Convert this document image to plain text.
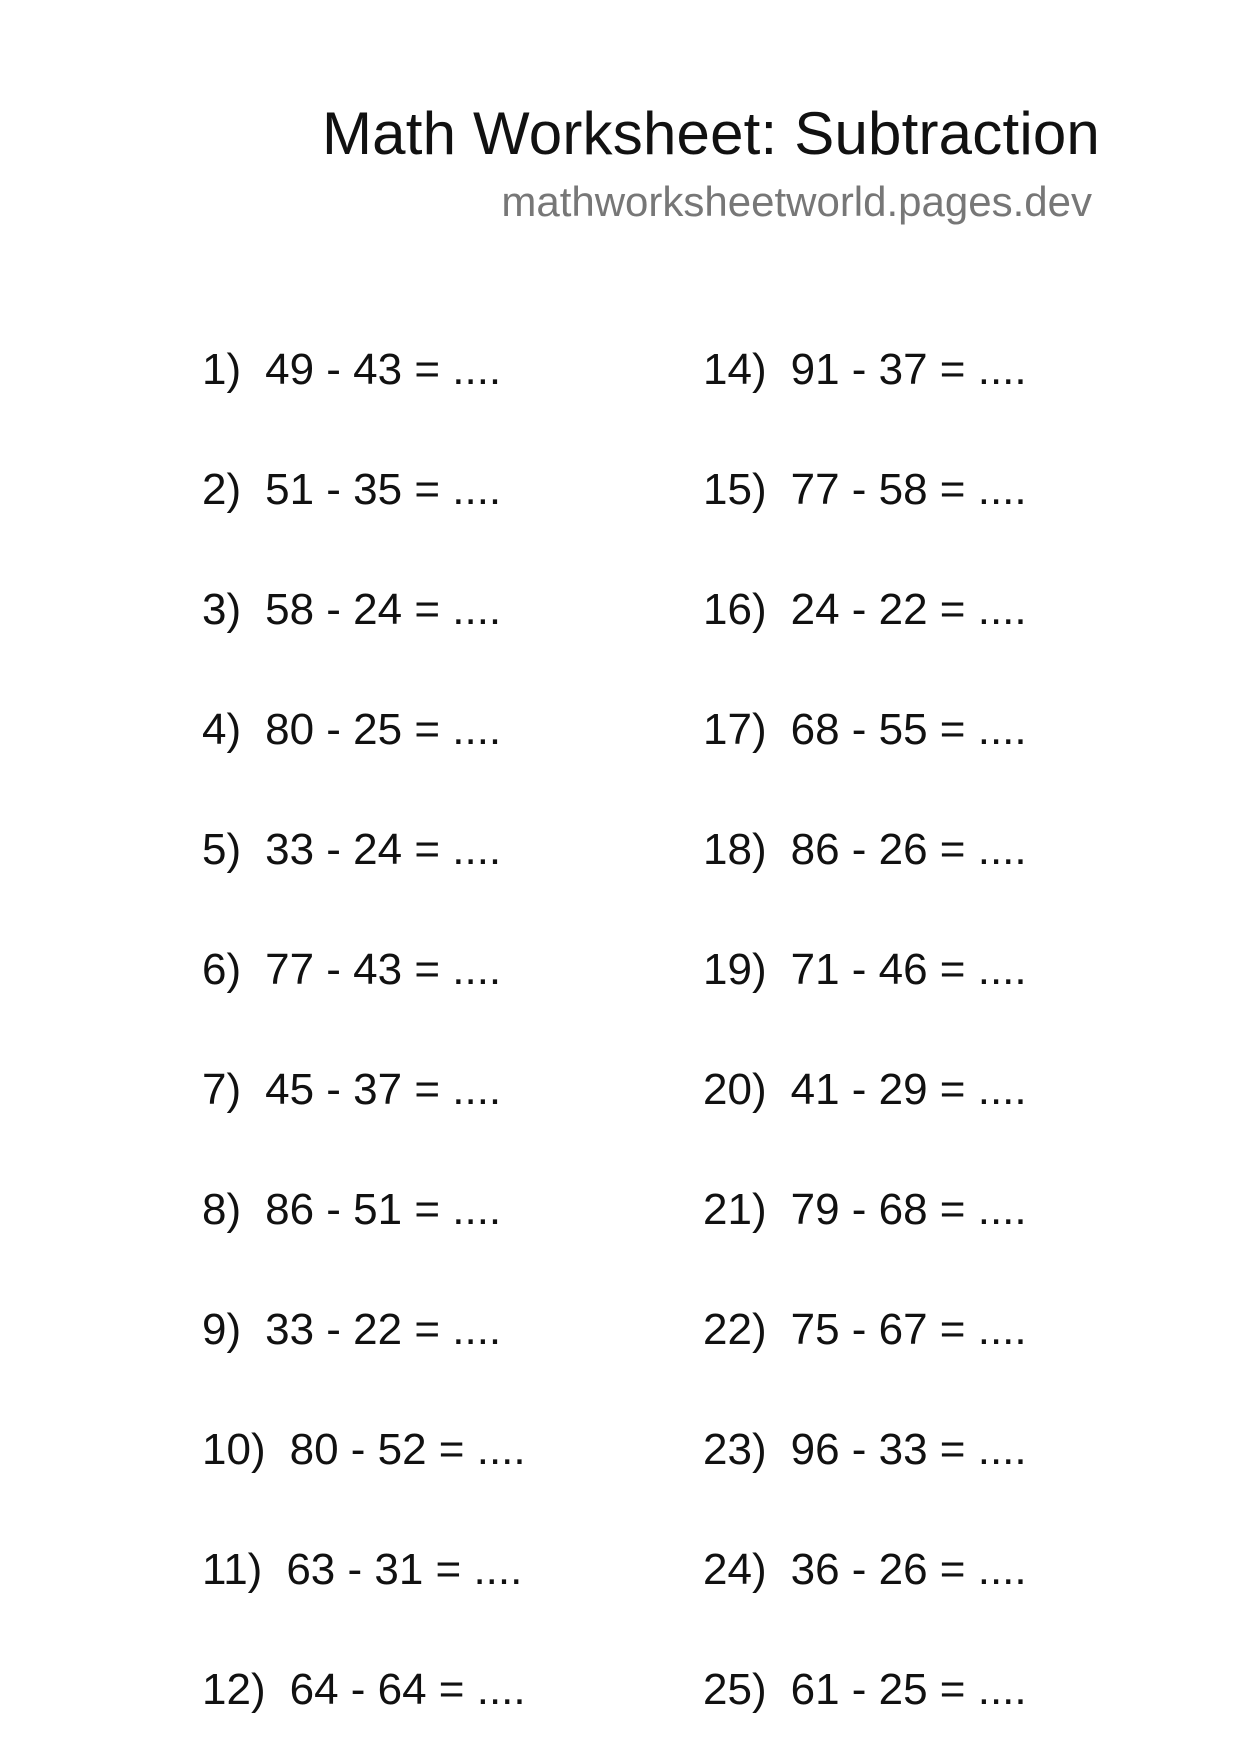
Math Worksheet: Subtraction
mathworksheetworld.pages.dev
1) 49 - 43 = ....
2) 51 - 35 = ....
3) 58 - 24 = ....
4) 80 - 25 = ....
5) 33 - 24 = ....
6) 77 - 43 = ....
7) 45 - 37 = ....
8) 86 - 51 = ....
9) 33 - 22 = ....
10) 80 - 52 = ....
11) 63 - 31 = ....
12) 64 - 64 = ....
14) 91 - 37 = ....
15) 77 - 58 = ....
16) 24 - 22 = ....
17) 68 - 55 = ....
18) 86 - 26 = ....
19) 71 - 46 = ....
20) 41 - 29 = ....
21) 79 - 68 = ....
22) 75 - 67 = ....
23) 96 - 33 = ....
24) 36 - 26 = ....
25) 61 - 25 = ....
